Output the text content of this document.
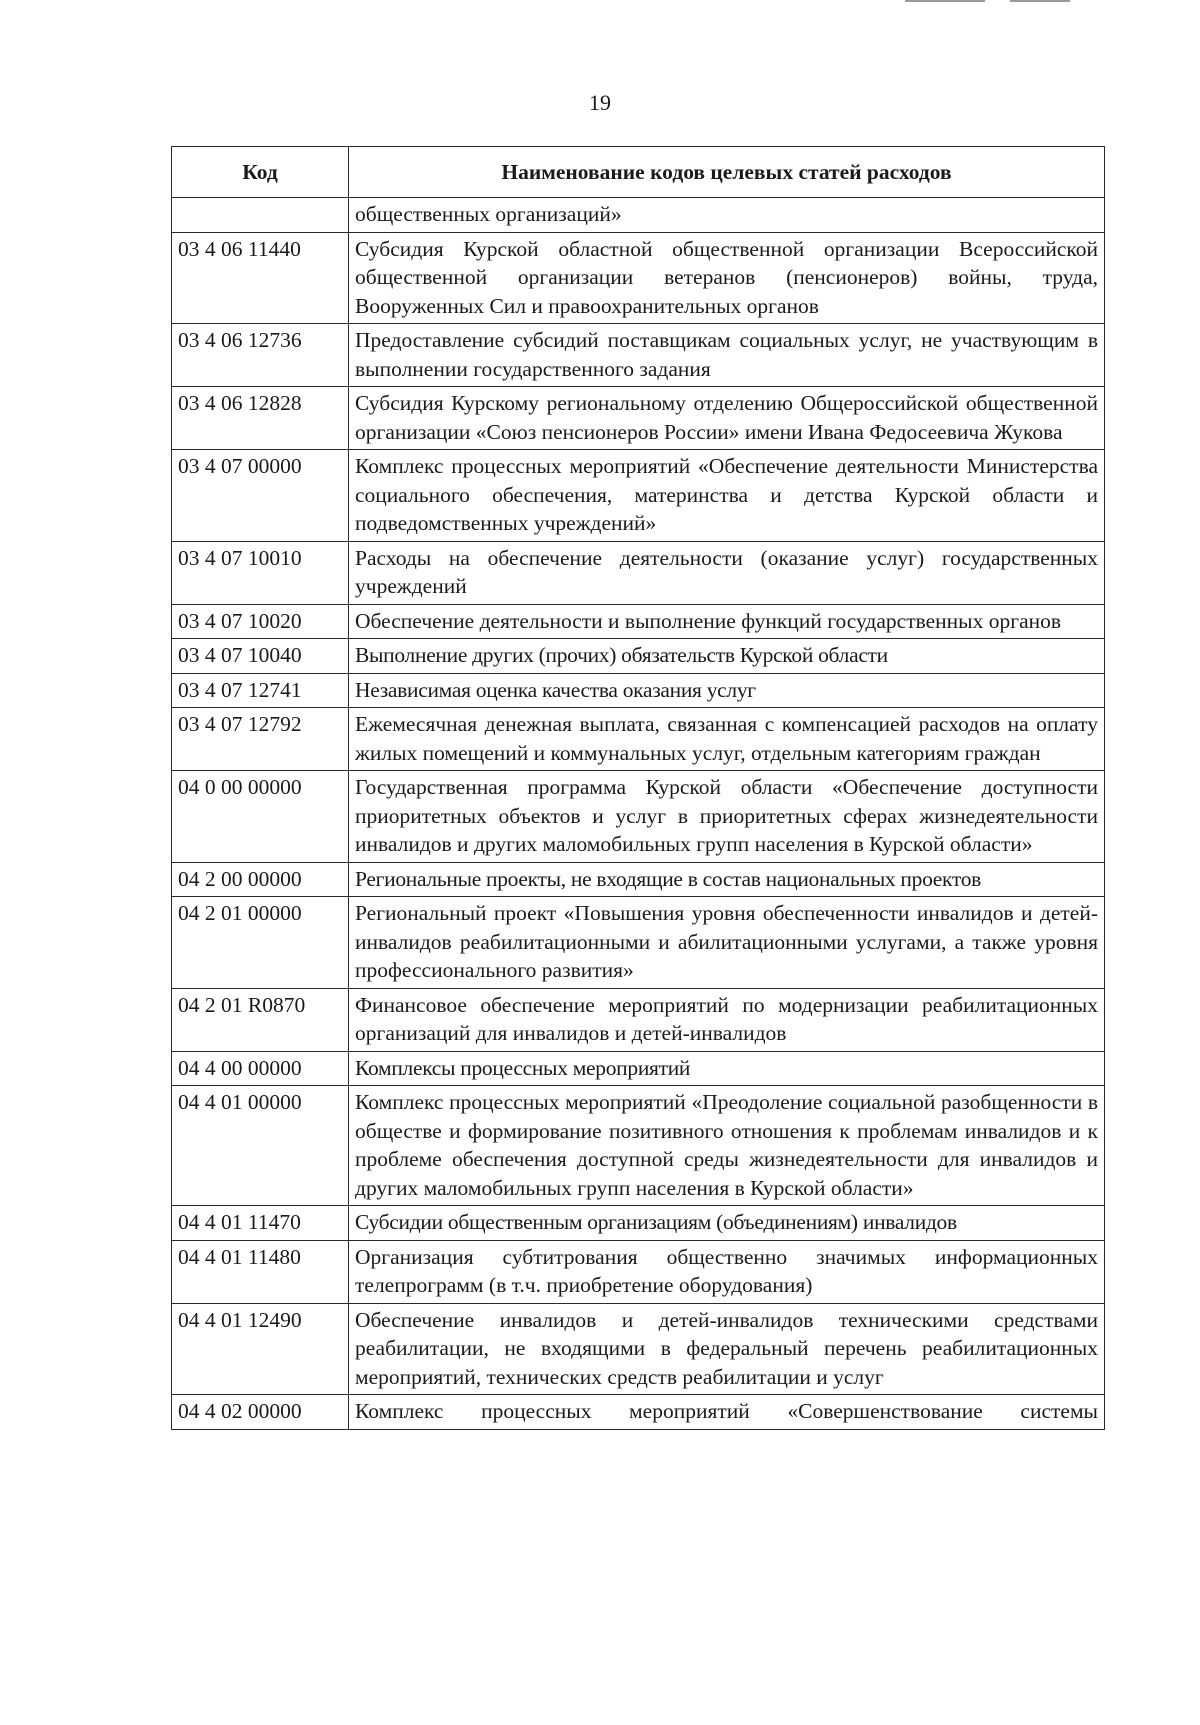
19
Код	Наименование кодов целевых статей расходов
	общественных организаций»
03 4 06 11440	Субсидия Курской областной общественной организации Всероссийской общественной организации ветеранов (пенсионеров) войны, труда, Вооруженных Сил и правоохранительных органов
03 4 06 12736	Предоставление субсидий поставщикам социальных услуг, не участвующим в выполнении государственного задания
03 4 06 12828	Субсидия Курскому региональному отделению Общероссийской общественной организации «Союз пенсионеров России» имени Ивана Федосеевича Жукова
03 4 07 00000	Комплекс процессных мероприятий «Обеспечение деятельности Министерства социального обеспечения, материнства и детства Курской области и подведомственных учреждений»
03 4 07 10010	Расходы на обеспечение деятельности (оказание услуг) государственных учреждений
03 4 07 10020	Обеспечение деятельности и выполнение функций государственных органов
03 4 07 10040	Выполнение других (прочих) обязательств Курской области
03 4 07 12741	Независимая оценка качества оказания услуг
03 4 07 12792	Ежемесячная денежная выплата, связанная с компенсацией расходов на оплату жилых помещений и коммунальных услуг, отдельным категориям граждан
04 0 00 00000	Государственная программа Курской области «Обеспечение доступности приоритетных объектов и услуг в приоритетных сферах жизнедеятельности инвалидов и других маломобильных групп населения в Курской области»
04 2 00 00000	Региональные проекты, не входящие в состав национальных проектов
04 2 01 00000	Региональный проект «Повышения уровня обеспеченности инвалидов и детей-инвалидов реабилитационными и абилитационными услугами, а также уровня профессионального развития»
04 2 01 R0870	Финансовое обеспечение мероприятий по модернизации реабилитационных организаций для инвалидов и детей-инвалидов
04 4 00 00000	Комплексы процессных мероприятий
04 4 01 00000	Комплекс процессных мероприятий «Преодоление социальной разобщенности в обществе и формирование позитивного отношения к проблемам инвалидов и к проблеме обеспечения доступной среды жизнедеятельности для инвалидов и других маломобильных групп населения в Курской области»
04 4 01 11470	Субсидии общественным организациям (объединениям) инвалидов
04 4 01 11480	Организация субтитрования общественно значимых информационных телепрограмм (в т.ч. приобретение оборудования)
04 4 01 12490	Обеспечение инвалидов и детей-инвалидов техническими средствами реабилитации, не входящими в федеральный перечень реабилитационных мероприятий, технических средств реабилитации и услуг
04 4 02 00000	Комплекс процессных мероприятий «Совершенствование системы
